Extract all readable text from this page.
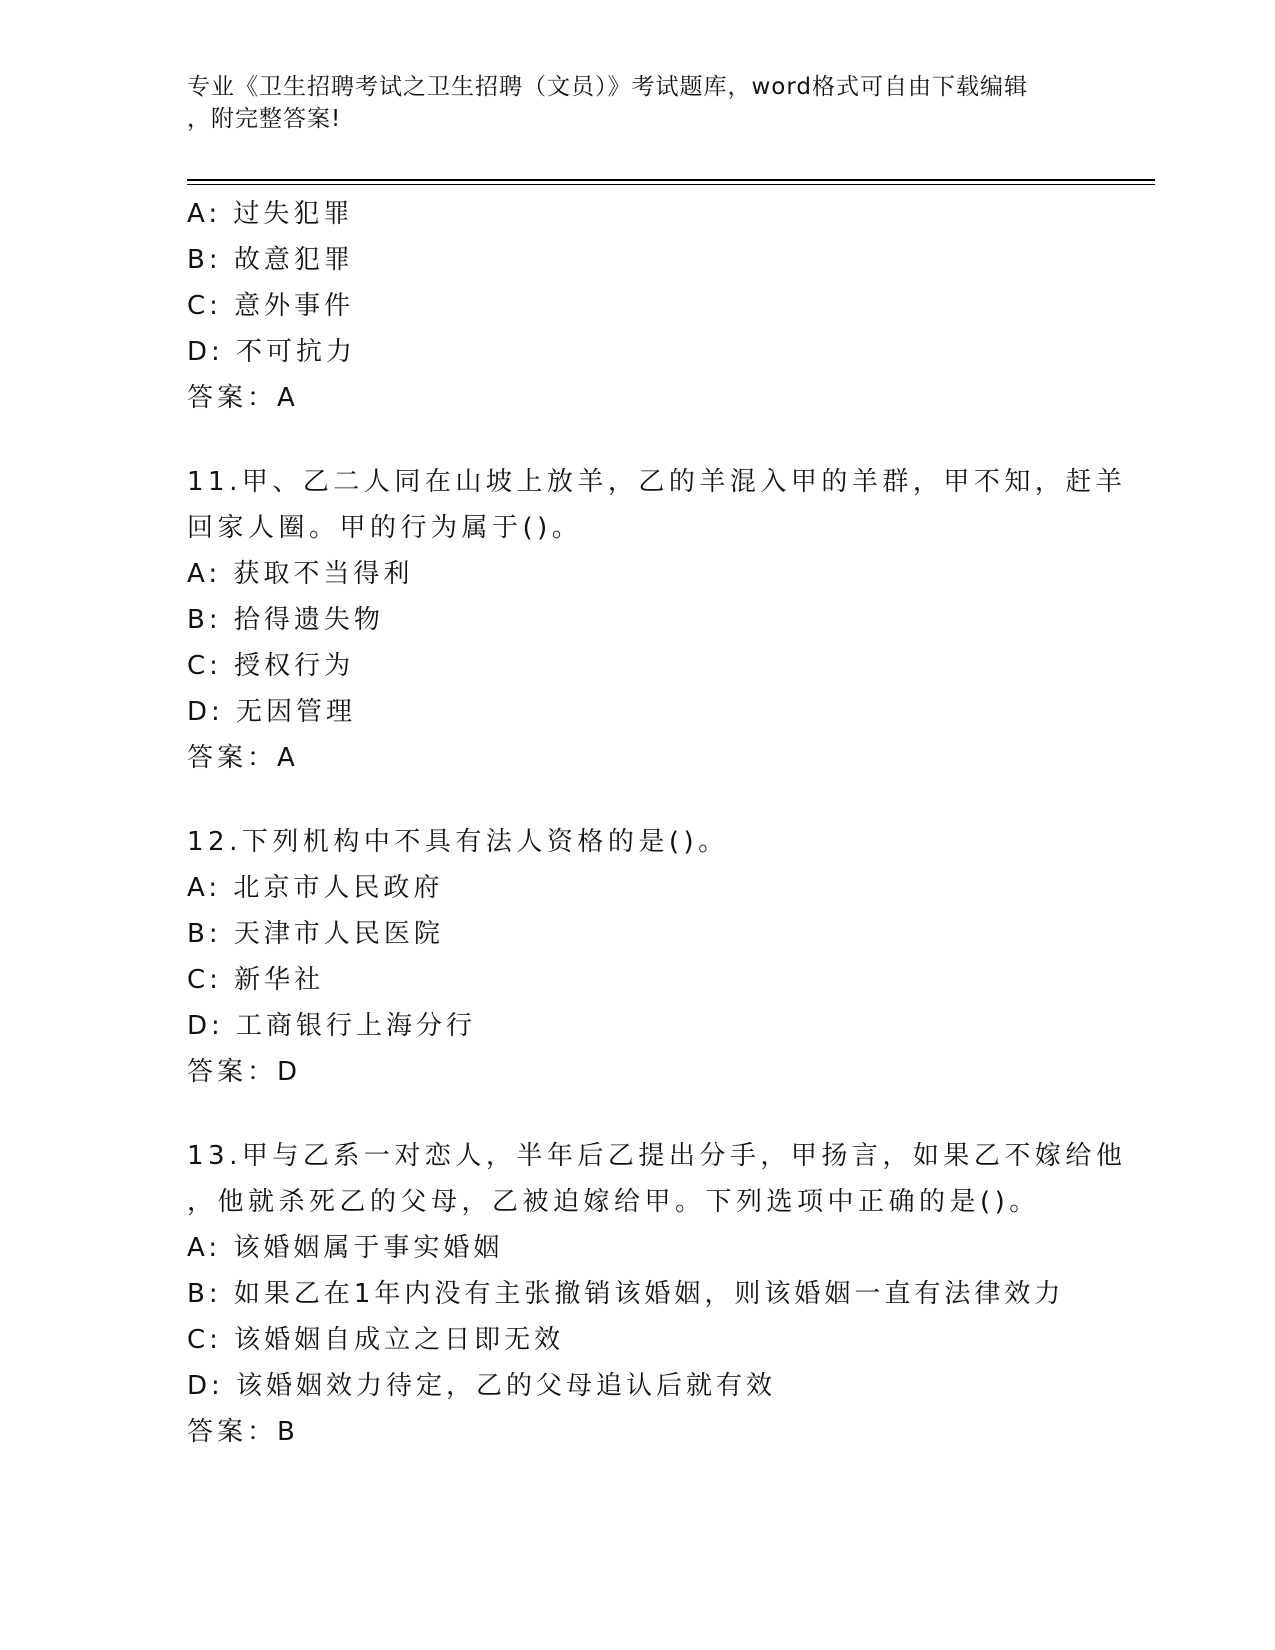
专业《卫生招聘考试之卫生招聘（文员）》考试题库，word格式可自由下载编辑
，附完整答案!
A: 过失犯罪
B: 故意犯罪
C: 意外事件
D: 不可抗力
答案：A
11.甲、乙二人同在山坡上放羊，乙的羊混入甲的羊群，甲不知，赶羊
回家人圈。甲的行为属于()。
A: 获取不当得利
B: 拾得遗失物
C: 授权行为
D: 无因管理
答案：A
12.下列机构中不具有法人资格的是()。
A: 北京市人民政府
B: 天津市人民医院
C: 新华社
D: 工商银行上海分行
答案：D
13.甲与乙系一对恋人，半年后乙提出分手，甲扬言，如果乙不嫁给他
，他就杀死乙的父母，乙被迫嫁给甲。下列选项中正确的是()。
A: 该婚姻属于事实婚姻
B: 如果乙在1年内没有主张撤销该婚姻，则该婚姻一直有法律效力
C: 该婚姻自成立之日即无效
D: 该婚姻效力待定，乙的父母追认后就有效
答案：B
